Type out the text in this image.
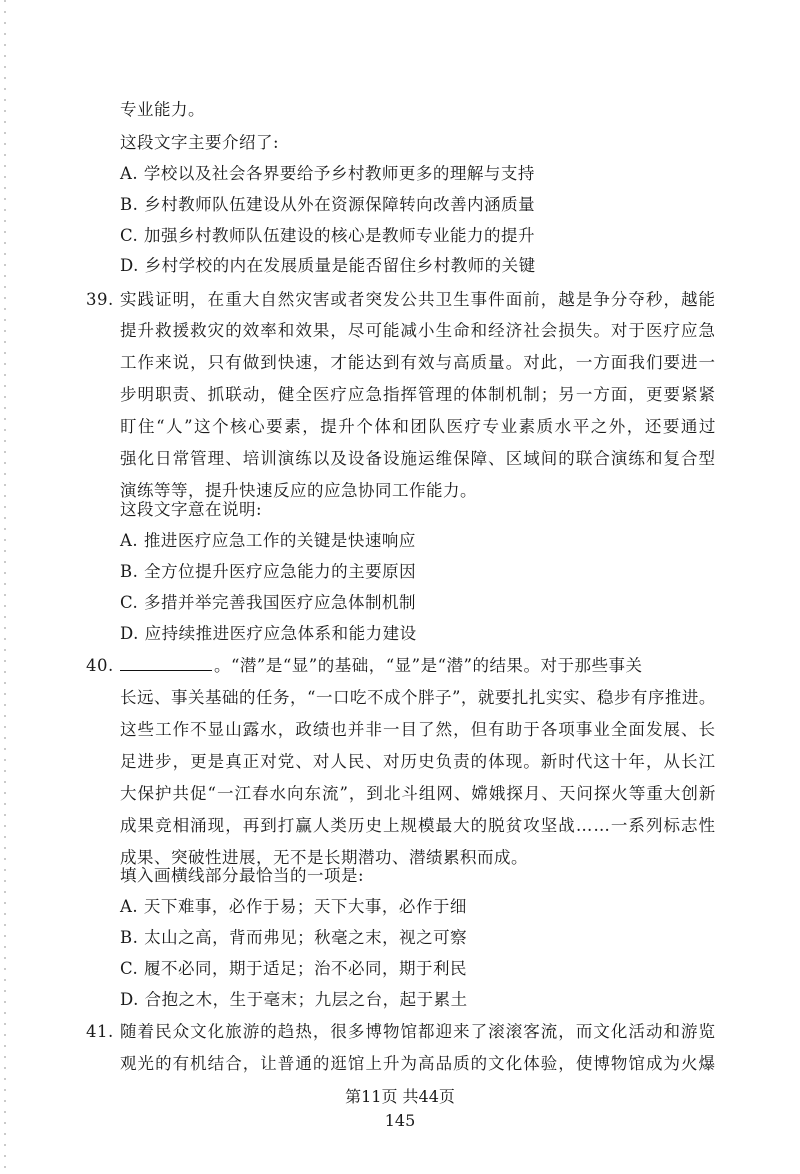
专业能力。
这段文字主要介绍了:
A. 学校以及社会各界要给予乡村教师更多的理解与支持
B. 乡村教师队伍建设从外在资源保障转向改善内涵质量
C. 加强乡村教师队伍建设的核心是教师专业能力的提升
D. 乡村学校的内在发展质量是能否留住乡村教师的关键
39. 实 践 证 明 ， 在 重 大 自 然 灾 害 或 者 突 发 公 共 卫 生 事 件 面 前 ， 越 是 争 分 夺 秒 ， 越 能
提 升 救 援 救 灾 的 效 率 和 效 果 ， 尽 可 能 减 小 生 命 和 经 济 社 会 损 失 。 对 于 医 疗 应 急
工 作 来 说 ， 只 有 做 到 快 速 ， 才 能 达 到 有 效 与 高 质 量 。 对 此 ， 一 方 面 我 们 要 进 一
步 明 职 责 、 抓 联 动 ， 健 全 医 疗 应 急 指 挥 管 理 的 体 制 机 制 ； 另 一 方 面 ， 更 要 紧 紧
盯 住 “ 人 ” 这 个 核 心 要 素 ， 提 升 个 体 和 团 队 医 疗 专 业 素 质 水 平 之 外 ， 还 要 通 过
强 化 日 常 管 理 、 培 训 演 练 以 及 设 备 设 施 运 维 保 障 、 区 域 间 的 联 合 演 练 和 复 合 型
演练等等，提升快速反应的应急协同工作能力。
这段文字意在说明:
A. 推进医疗应急工作的关键是快速响应
B. 全方位提升医疗应急能力的主要原因
C. 多措并举完善我国医疗应急体制机制
D. 应持续推进医疗应急体系和能力建设
40.	。“潜”是“显”的基础，“显”是“潜”的结果。对于那些事关
长 远 、 事 关 基 础 的 任 务 ， “ 一 口 吃 不 成 个 胖 子 ” ， 就 要 扎 扎 实 实 、 稳 步 有 序 推 进 。
这 些 工 作 不 显 山 露 水 ， 政 绩 也 并 非 一 目 了 然 ， 但 有 助 于 各 项 事 业 全 面 发 展 、 长
足 进 步 ， 更 是 真 正 对 党 、 对 人 民 、 对 历 史 负 责 的 体 现 。 新 时 代 这 十 年 ， 从 长 江
大 保 护 共 促 “ 一 江 春 水 向 东 流 ” ， 到 北 斗 组 网 、 嫦 娥 探 月 、 天 问 探 火 等 重 大 创 新
成 果 竞 相 涌 现 ， 再 到 打 赢 人 类 历 史 上 规 模 最 大 的 脱 贫 攻 坚 战 … … 一 系 列 标 志 性
成果、突破性进展，无不是长期潜功、潜绩累积而成。
填入画横线部分最恰当的一项是:
A. 天下难事，必作于易；天下大事，必作于细
B. 太山之高，背而弗见；秋毫之末，视之可察
C. 履不必同，期于适足；治不必同，期于利民
D. 合抱之木，生于毫末；九层之台，起于累土
41. 随 着 民 众 文 化 旅 游 的 趋 热 ， 很 多 博 物 馆 都 迎 来 了 滚 滚 客 流 ， 而 文 化 活 动 和 游 览
观 光 的 有 机 结 合 ， 让 普 通 的 逛 馆 上 升 为 高 品 质 的 文 化 体 验 ， 使 博 物 馆 成 为 火 爆
第11页 共44页
145
